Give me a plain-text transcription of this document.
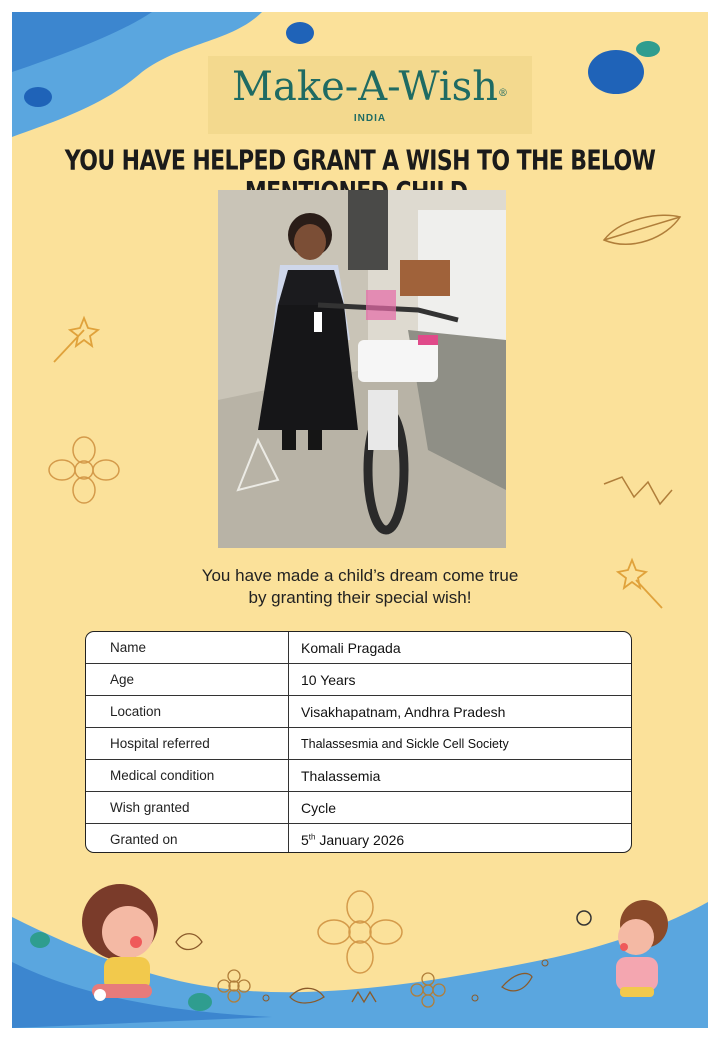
Make-A-Wish®
INDIA
YOU HAVE HELPED GRANT A WISH TO THE BELOW
You have made a child’s dream come true
by granting their special wish!
Name	Komali Pragada
Age	10 Years
Location	Visakhapatnam, Andhra Pradesh
Hospital referred	Thalassesmia and Sickle Cell Society
Medical condition	Thalassemia
Wish granted	Cycle
Granted on	5th January 2026
